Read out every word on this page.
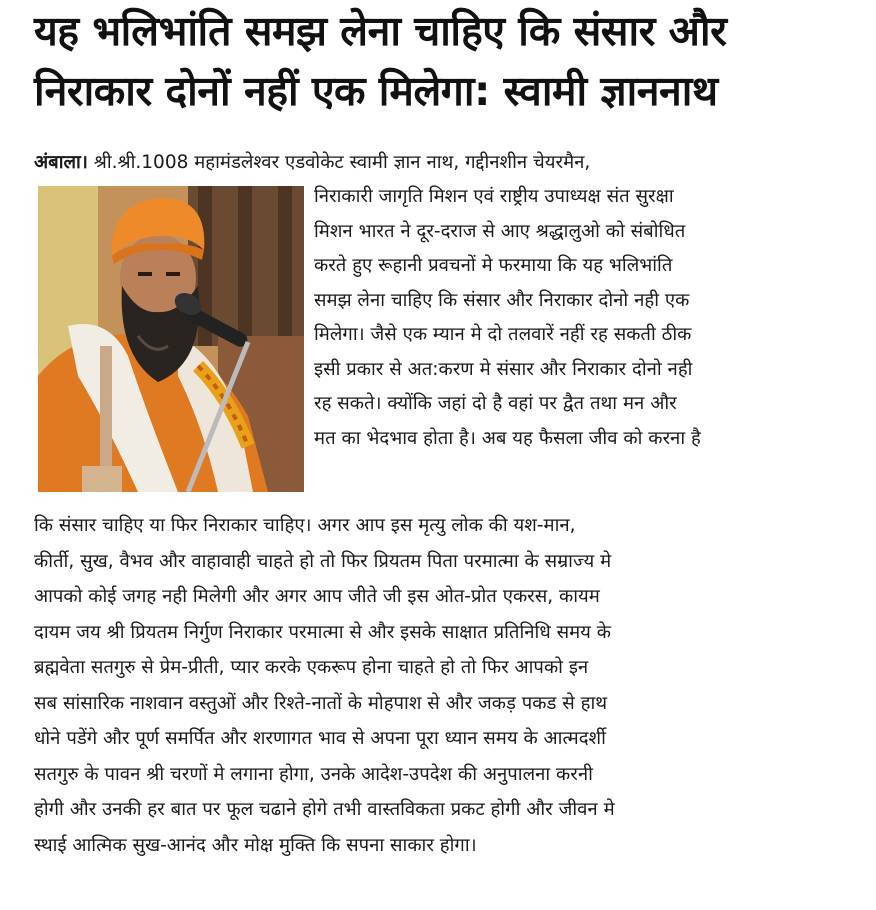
यह भलिभांति समझ लेना चाहिए कि संसार और
निराकार दोनों नहीं एक मिलेगा: स्वामी ज्ञाननाथ
अंबाला। श्री.श्री.1008 महामंडलेश्वर एडवोकेट स्वामी ज्ञान नाथ, गद्दीनशीन चेयरमैन,
निराकारी जागृति मिशन एवं राष्ट्रीय उपाध्यक्ष संत सुरक्षा
मिशन भारत ने दूर-दराज से आए श्रद्धालुओ को संबोधित
करते हुए रूहानी प्रवचनों मे फरमाया कि यह भलिभांति
समझ लेना चाहिए कि संसार और निराकार दोनो नही एक
मिलेगा। जैसे एक म्यान मे दो तलवारें नहीं रह सकती ठीक
इसी प्रकार से अत:करण मे संसार और निराकार दोनो नही
रह सकते। क्योंकि जहां दो है वहां पर द्वैत तथा मन और
मत का भेदभाव होता है। अब यह फैसला जीव को करना है
कि संसार चाहिए या फिर निराकार चाहिए। अगर आप इस मृत्यु लोक की यश-मान,
कीर्ती, सुख, वैभव और वाहावाही चाहते हो तो फिर प्रियतम पिता परमात्मा के सम्राज्य मे
आपको कोई जगह नही मिलेगी और अगर आप जीते जी इस ओत-प्रोत एकरस, कायम
दायम जय श्री प्रियतम निर्गुण निराकार परमात्मा से और इसके साक्षात प्रतिनिधि समय के
ब्रह्मवेता सतगुरु से प्रेम-प्रीती, प्यार करके एकरूप होना चाहते हो तो फिर आपको इन
सब सांसारिक नाशवान वस्तुओं और रिश्ते-नातों के मोहपाश से और जकड़ पकड से हाथ
धोने पडेंगे और पूर्ण समर्पित और शरणागत भाव से अपना पूरा ध्यान समय के आत्मदर्शी
सतगुरु के पावन श्री चरणों मे लगाना होगा, उनके आदेश-उपदेश की अनुपालना करनी
होगी और उनकी हर बात पर फूल चढाने होगे तभी वास्तविकता प्रकट होगी और जीवन मे
स्थाई आत्मिक सुख-आनंद और मोक्ष मुक्ति कि सपना साकार होगा।
